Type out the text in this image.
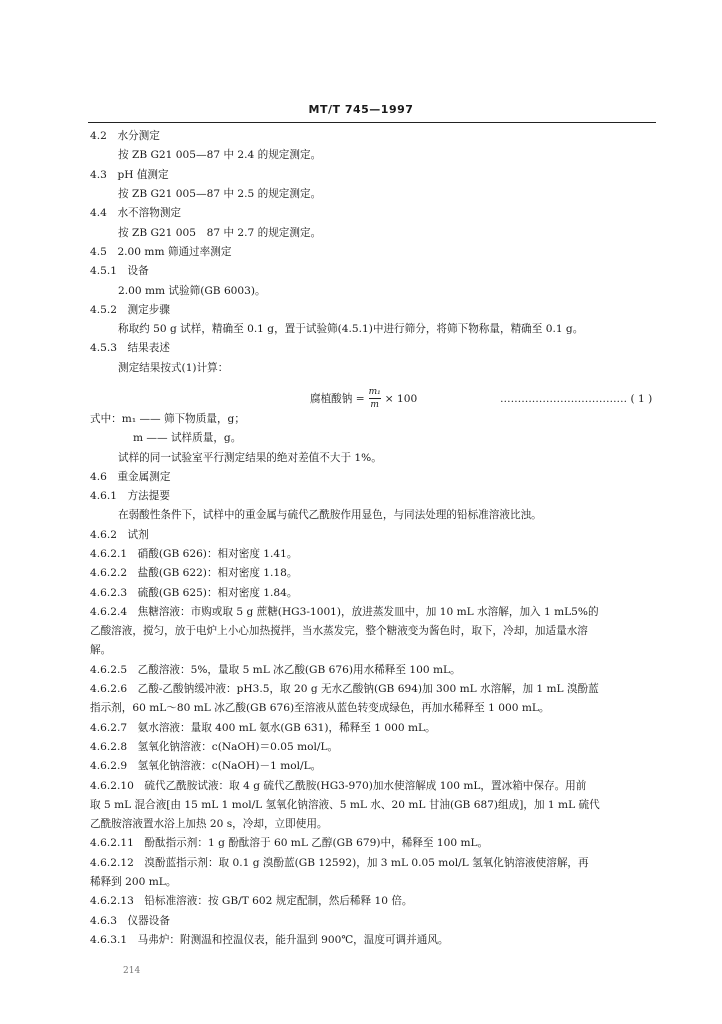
MT/T 745—1997
4.2　水分测定
按 ZB G21 005—87 中 2.4 的规定测定。
4.3　pH 值测定
按 ZB G21 005—87 中 2.5 的规定测定。
4.4　水不溶物测定
按 ZB G21 005　87 中 2.7 的规定测定。
4.5　2.00 mm 筛通过率测定
4.5.1　设备
2.00 mm 试验筛(GB 6003)。
4.5.2　测定步骤
称取约 50 g 试样，精确至 0.1 g，置于试验筛(4.5.1)中进行筛分，将筛下物称量，精确至 0.1 g。
4.5.3　结果表述
测定结果按式(1)计算：
式中：m₁ —— 筛下物质量，g；
m —— 试样质量，g。
试样的同一试验室平行测定结果的绝对差值不大于 1%。
4.6　重金属测定
4.6.1　方法提要
在弱酸性条件下，试样中的重金属与硫代乙酰胺作用显色，与同法处理的铅标准溶液比浊。
4.6.2　试剂
4.6.2.1　硝酸(GB 626)：相对密度 1.41。
4.6.2.2　盐酸(GB 622)：相对密度 1.18。
4.6.2.3　硫酸(GB 625)：相对密度 1.84。
4.6.2.4　焦糖溶液：市购或取 5 g 蔗糖(HG3-1001)，放进蒸发皿中，加 10 mL 水溶解，加入 1 mL5%的
乙酸溶液，搅匀，放于电炉上小心加热搅拌，当水蒸发完，整个糖液变为酱色时，取下，冷却，加适量水溶
解。
4.6.2.5　乙酸溶液：5%，量取 5 mL 冰乙酸(GB 676)用水稀释至 100 mL。
4.6.2.6　乙酸-乙酸钠缓冲液：pH3.5，取 20 g 无水乙酸钠(GB 694)加 300 mL 水溶解，加 1 mL 溴酚蓝
指示剂，60 mL～80 mL 冰乙酸(GB 676)至溶液从蓝色转变成绿色，再加水稀释至 1 000 mL。
4.6.2.7　氨水溶液：量取 400 mL 氨水(GB 631)，稀释至 1 000 mL。
4.6.2.8　氢氧化钠溶液：c(NaOH)＝0.05 mol/L。
4.6.2.9　氢氧化钠溶液：c(NaOH)－1 mol/L。
4.6.2.10　硫代乙酰胺试液：取 4 g 硫代乙酰胺(HG3-970)加水使溶解成 100 mL，置冰箱中保存。用前
取 5 mL 混合液[由 15 mL 1 mol/L 氢氧化钠溶液、5 mL 水、20 mL 甘油(GB 687)组成]，加 1 mL 硫代
乙酰胺溶液置水浴上加热 20 s，冷却，立即使用。
4.6.2.11　酚酞指示剂：1 g 酚酞溶于 60 mL 乙醇(GB 679)中，稀释至 100 mL。
4.6.2.12　溴酚蓝指示剂：取 0.1 g 溴酚蓝(GB 12592)，加 3 mL 0.05 mol/L 氢氧化钠溶液使溶解，再
稀释到 200 mL。
4.6.2.13　铅标准溶液：按 GB/T 602 规定配制，然后稀释 10 倍。
4.6.3　仪器设备
4.6.3.1　马弗炉：附测温和控温仪表，能升温到 900℃，温度可调并通风。
腐植酸钠 = $\frac{\text{m₁}}{m} \times 100$	……………………………… ( 1 )
214
